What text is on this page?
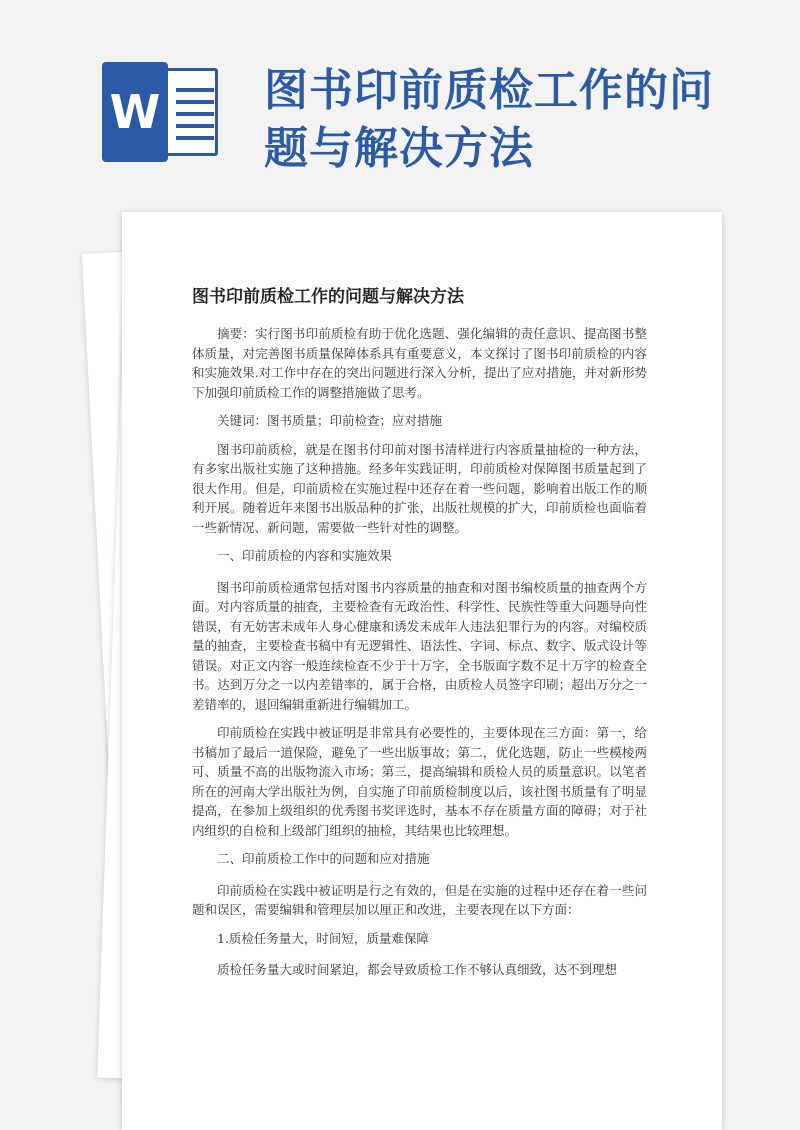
W 图书印前质检工作的问题与解决方法
图书印前质检工作的问题与解决方法

摘要：实行图书印前质检有助于优化选题、强化编辑的责任意识、提高图书整体质量，对完善图书质量保障体系具有重要意义，本文探讨了图书印前质检的内容和实施效果.对工作中存在的突出问题进行深入分析，提出了应对措施，并对新形势下加强印前质检工作的调整措施做了思考。

关键词：图书质量；印前检查；应对措施

图书印前质检，就是在图书付印前对图书清样进行内容质量抽检的一种方法，有多家出版社实施了这种措施。经多年实践证明，印前质检对保障图书质量起到了很大作用。但是，印前质检在实施过程中还存在着一些问题，影响着出版工作的顺利开展。随着近年来图书出版品种的扩张，出版社规模的扩大，印前质检也面临着一些新情况、新问题，需要做一些针对性的调整。

一、印前质检的内容和实施效果

图书印前质检通常包括对图书内容质量的抽查和对图书编校质量的抽查两个方面。对内容质量的抽查，主要检查有无政治性、科学性、民族性等重大问题导向性错误，有无妨害未成年人身心健康和诱发未成年人违法犯罪行为的内容。对编校质量的抽查，主要检查书稿中有无逻辑性、语法性、字词、标点、数字、版式设计等错误。对正文内容一般连续检查不少于十万字，全书版面字数不足十万字的检查全书。达到万分之一以内差错率的，属于合格，由质检人员签字印刷；超出万分之一差错率的，退回编辑重新进行编辑加工。

印前质检在实践中被证明是非常具有必要性的，主要体现在三方面：第一，给书稿加了最后一道保险，避免了一些出版事故；第二，优化选题，防止一些模棱两可、质量不高的出版物流入市场；第三，提高编辑和质检人员的质量意识。以笔者所在的河南大学出版社为例，自实施了印前质检制度以后，该社图书质量有了明显提高，在参加上级组织的优秀图书奖评选时，基本不存在质量方面的障碍；对于社内组织的自检和上级部门组织的抽检，其结果也比较理想。

二、印前质检工作中的问题和应对措施

印前质检在实践中被证明是行之有效的，但是在实施的过程中还存在着一些问题和误区，需要编辑和管理层加以厘正和改进，主要表现在以下方面：

1.质检任务量大，时间短，质量难保障

质检任务量大或时间紧迫，都会导致质检工作不够认真细致，达不到理想
